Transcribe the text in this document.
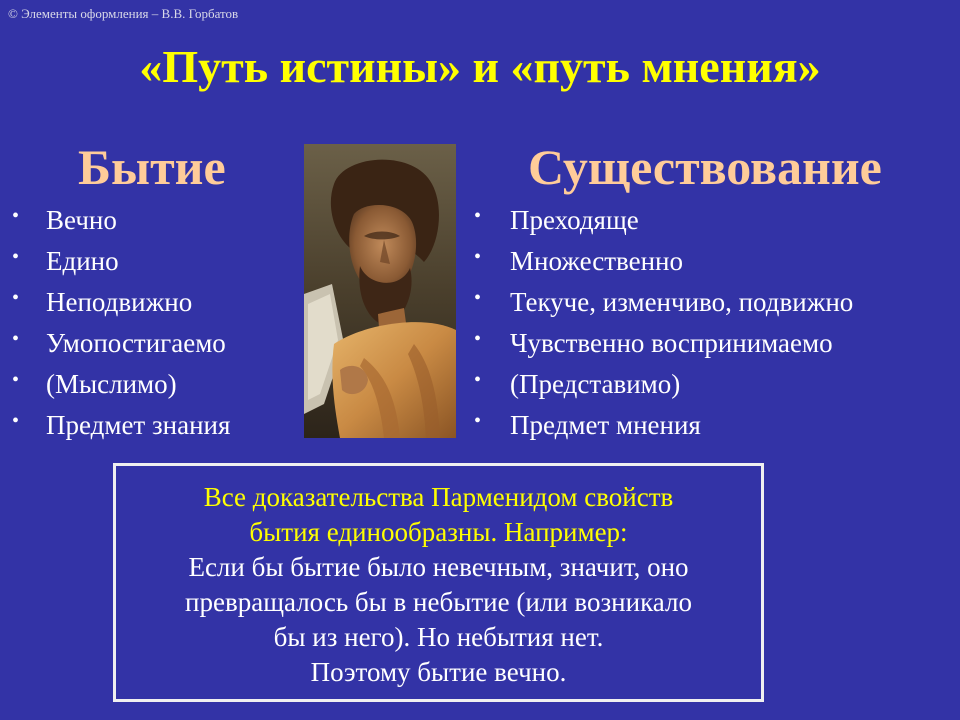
© Элементы оформления – В.В. Горбатов
«Путь истины» и «путь мнения»
Бытие	Существование
• Вечно
• Едино
• Неподвижно
• Умопостигаемо
• (Мыслимо)
• Предмет знания
• Преходяще
• Множественно
• Текуче, изменчиво, подвижно
• Чувственно воспринимаемо
• (Представимо)
• Предмет мнения
Все доказательства Парменидом свойств
бытия единообразны. Например:
Если бы бытие было невечным, значит, оно
превращалось бы в небытие (или возникало
бы из него). Но небытия нет.
Поэтому бытие вечно.
